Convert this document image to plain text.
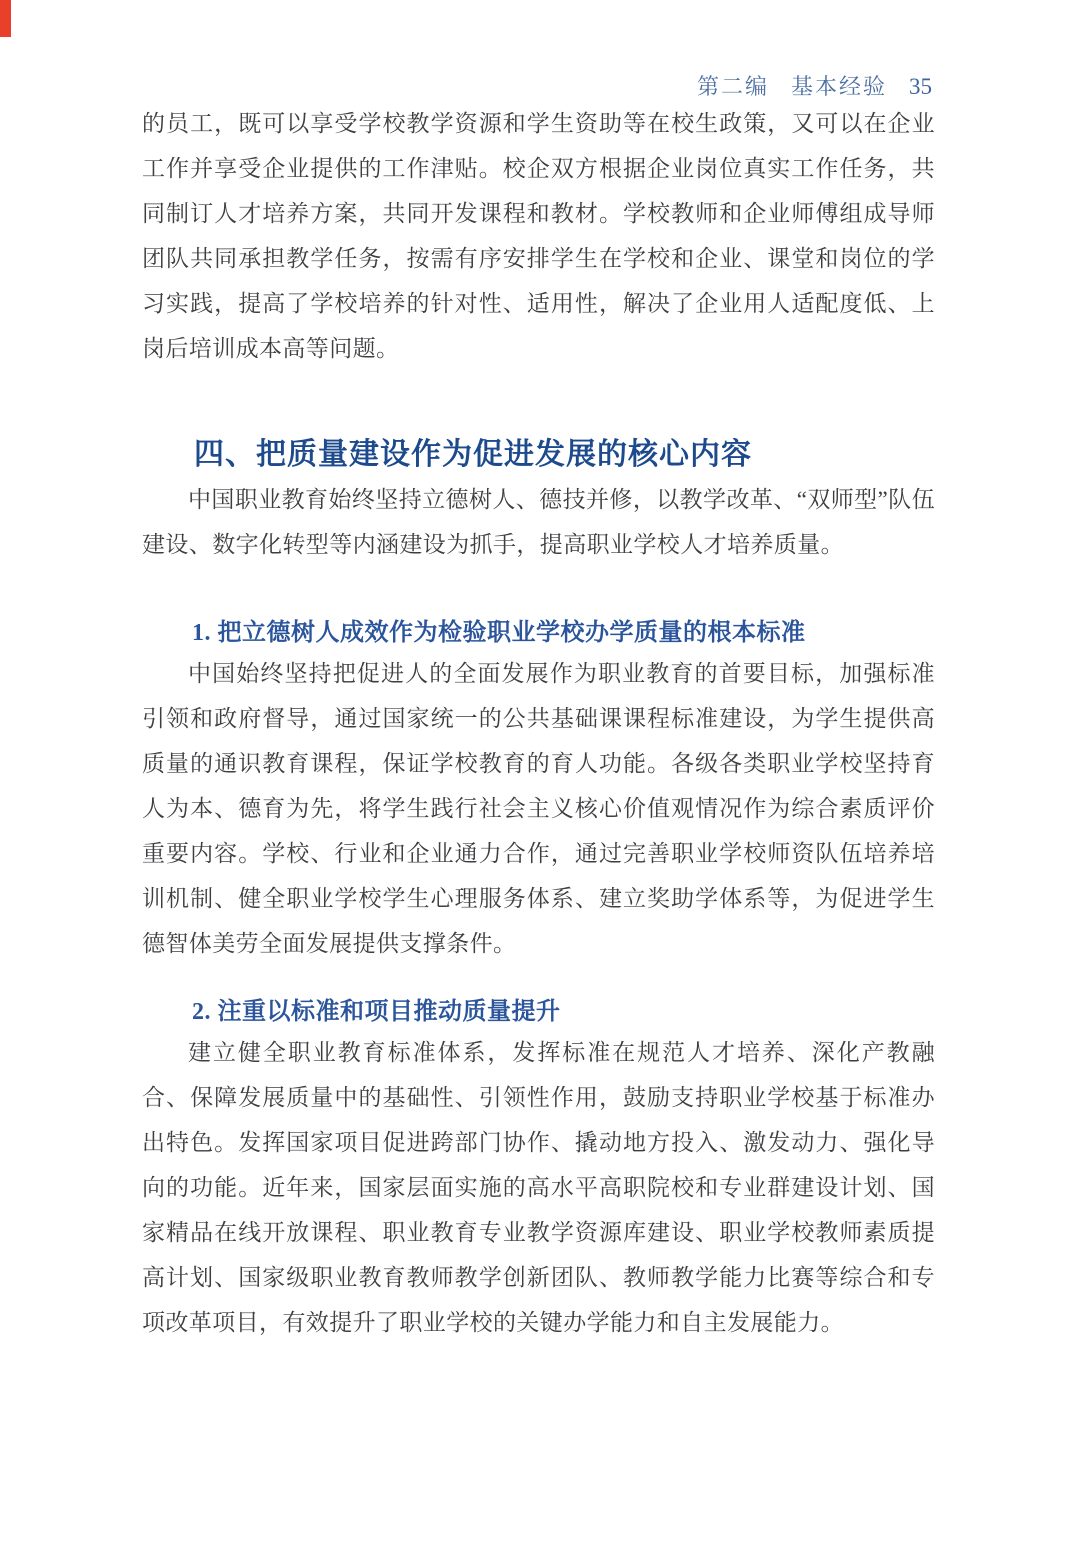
第二编 基本经验 35

的员工，既可以享受学校教学资源和学生资助等在校生政策，又可以在企业工作并享受企业提供的工作津贴。校企双方根据企业岗位真实工作任务，共同制订人才培养方案，共同开发课程和教材。学校教师和企业师傅组成导师团队共同承担教学任务，按需有序安排学生在学校和企业、课堂和岗位的学习实践，提高了学校培养的针对性、适用性，解决了企业用人适配度低、上岗后培训成本高等问题。

四、把质量建设作为促进发展的核心内容

中国职业教育始终坚持立德树人、德技并修，以教学改革、“双师型”队伍建设、数字化转型等内涵建设为抓手，提高职业学校人才培养质量。

1. 把立德树人成效作为检验职业学校办学质量的根本标准

中国始终坚持把促进人的全面发展作为职业教育的首要目标，加强标准引领和政府督导，通过国家统一的公共基础课课程标准建设，为学生提供高质量的通识教育课程，保证学校教育的育人功能。各级各类职业学校坚持育人为本、德育为先，将学生践行社会主义核心价值观情况作为综合素质评价重要内容。学校、行业和企业通力合作，通过完善职业学校师资队伍培养培训机制、健全职业学校学生心理服务体系、建立奖助学体系等，为促进学生德智体美劳全面发展提供支撑条件。

2. 注重以标准和项目推动质量提升

建立健全职业教育标准体系，发挥标准在规范人才培养、深化产教融合、保障发展质量中的基础性、引领性作用，鼓励支持职业学校基于标准办出特色。发挥国家项目促进跨部门协作、撬动地方投入、激发动力、强化导向的功能。近年来，国家层面实施的高水平高职院校和专业群建设计划、国家精品在线开放课程、职业教育专业教学资源库建设、职业学校教师素质提高计划、国家级职业教育教师教学创新团队、教师教学能力比赛等综合和专项改革项目，有效提升了职业学校的关键办学能力和自主发展能力。
